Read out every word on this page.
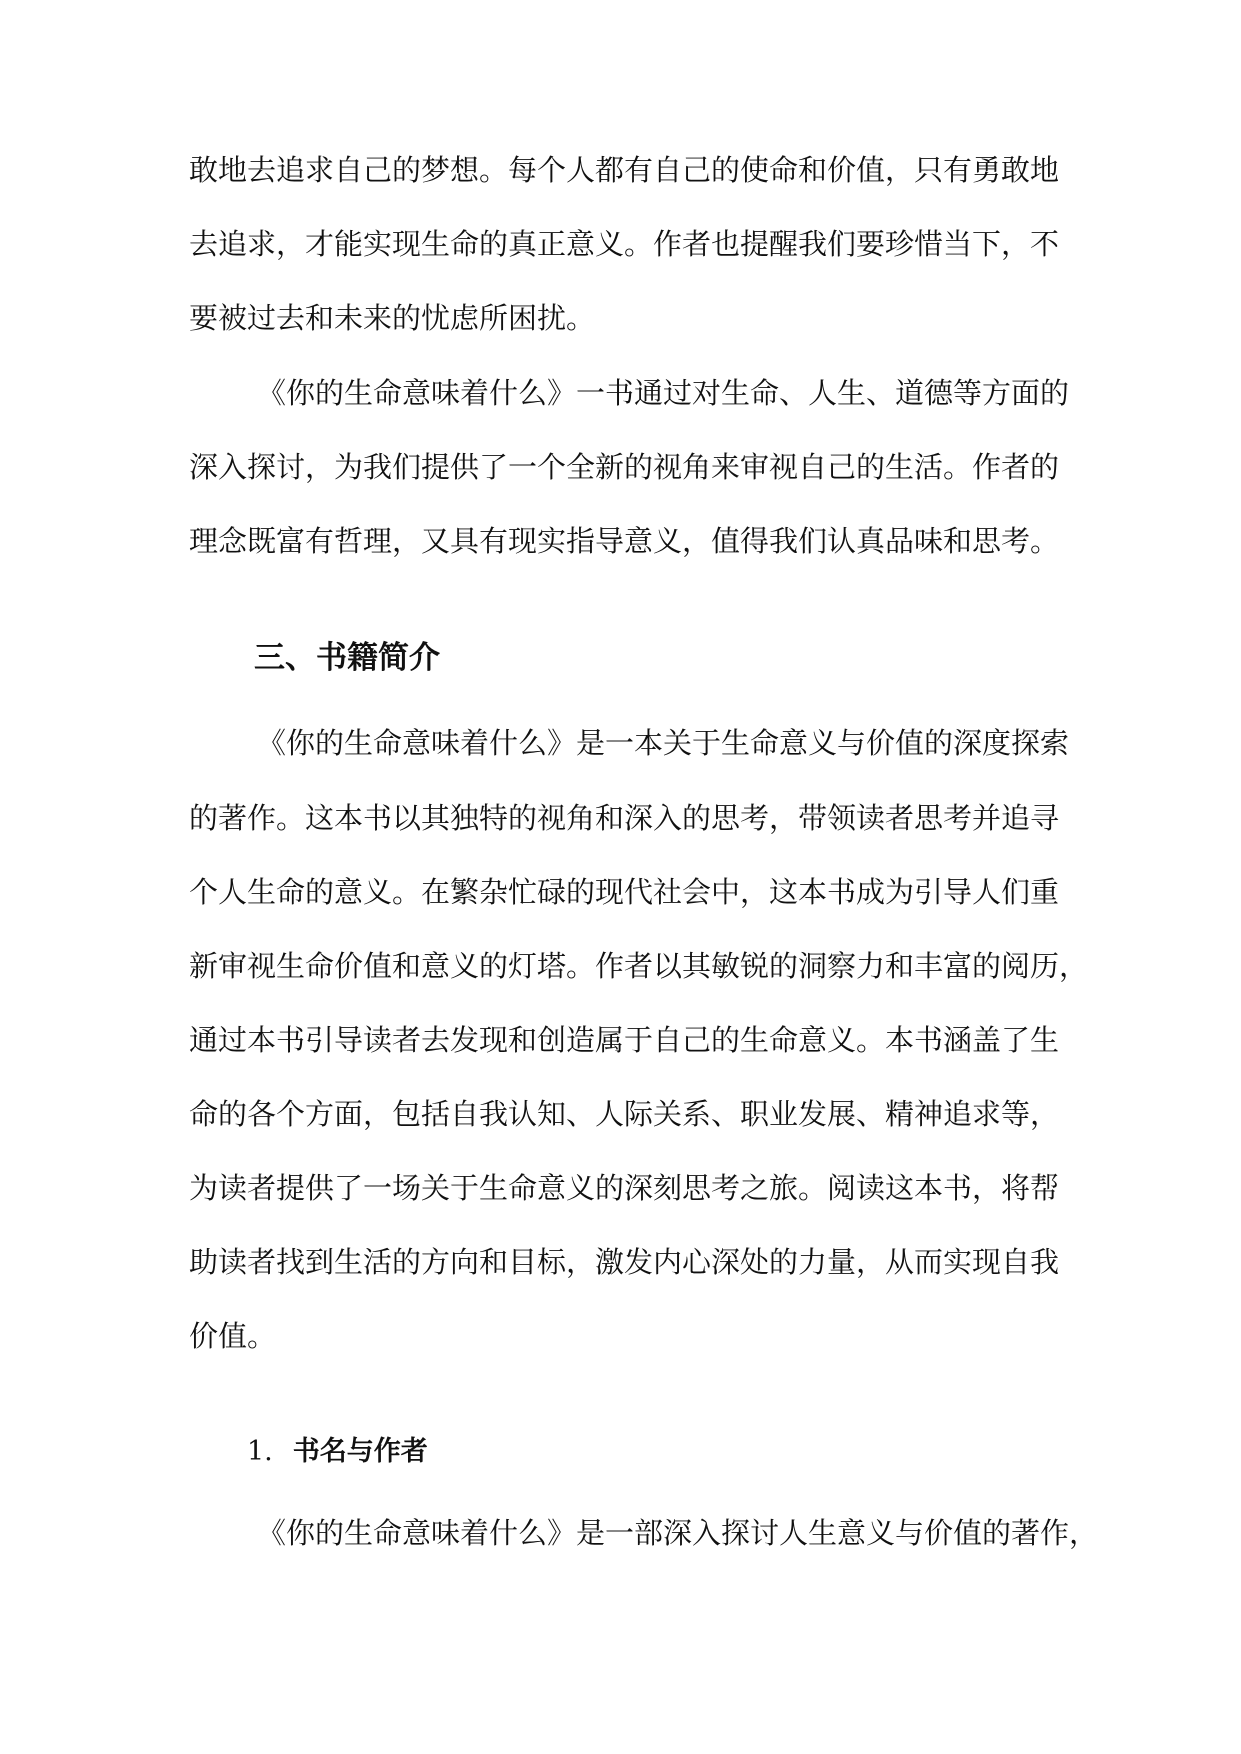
敢地去追求自己的梦想。每个人都有自己的使命和价值，只有勇敢地

去追求，才能实现生命的真正意义。作者也提醒我们要珍惜当下，不

要被过去和未来的忧虑所困扰。

《你的生命意味着什么》一书通过对生命、人生、道德等方面的

深入探讨，为我们提供了一个全新的视角来审视自己的生活。作者的

理念既富有哲理，又具有现实指导意义，值得我们认真品味和思考。

三、书籍简介

《你的生命意味着什么》是一本关于生命意义与价值的深度探索

的著作。这本书以其独特的视角和深入的思考，带领读者思考并追寻

个人生命的意义。在繁杂忙碌的现代社会中，这本书成为引导人们重

新审视生命价值和意义的灯塔。作者以其敏锐的洞察力和丰富的阅历，

通过本书引导读者去发现和创造属于自己的生命意义。本书涵盖了生

命的各个方面，包括自我认知、人际关系、职业发展、精神追求等，

为读者提供了一场关于生命意义的深刻思考之旅。阅读这本书，将帮

助读者找到生活的方向和目标，激发内心深处的力量，从而实现自我

价值。

1. 书名与作者

《你的生命意味着什么》是一部深入探讨人生意义与价值的著作，
